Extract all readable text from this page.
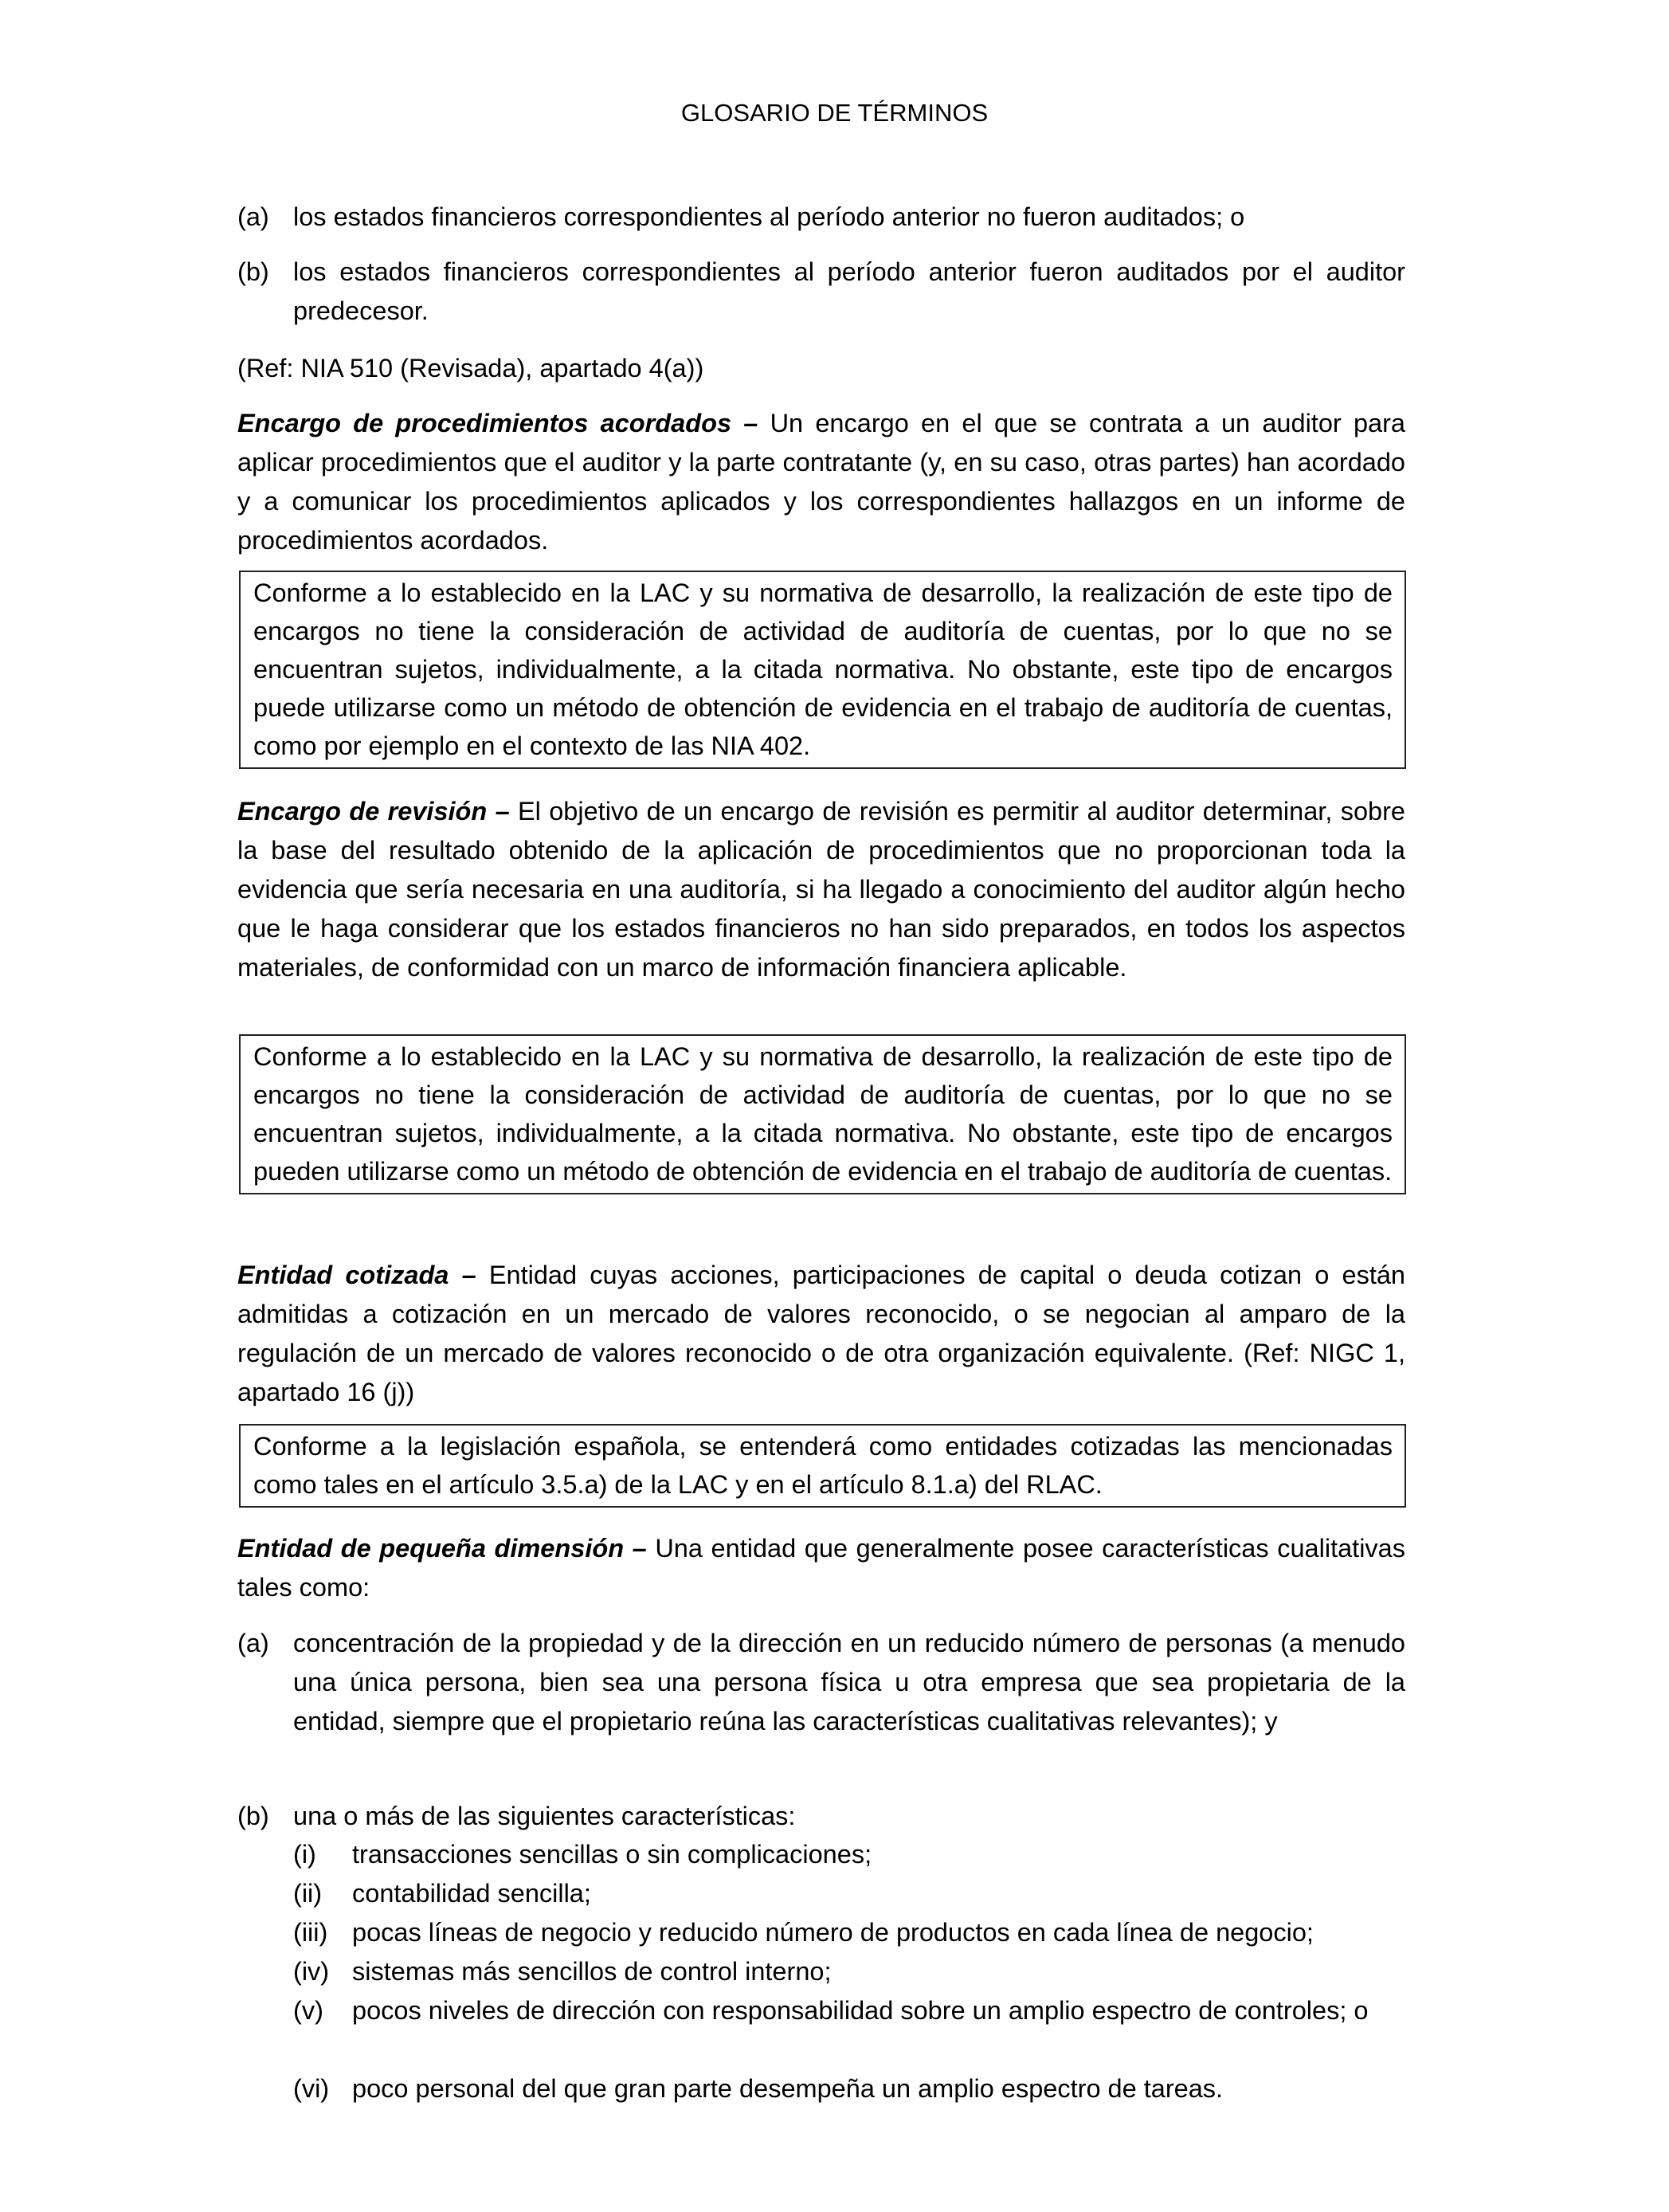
GLOSARIO DE TÉRMINOS
(a) los estados financieros correspondientes al período anterior no fueron auditados; o
(b) los estados financieros correspondientes al período anterior fueron auditados por el auditor predecesor.
(Ref: NIA 510 (Revisada), apartado 4(a))
Encargo de procedimientos acordados – Un encargo en el que se contrata a un auditor para aplicar procedimientos que el auditor y la parte contratante (y, en su caso, otras partes) han acordado y a comunicar los procedimientos aplicados y los correspondientes hallazgos en un informe de procedimientos acordados.
Conforme a lo establecido en la LAC y su normativa de desarrollo, la realización de este tipo de encargos no tiene la consideración de actividad de auditoría de cuentas, por lo que no se encuentran sujetos, individualmente, a la citada normativa. No obstante, este tipo de encargos puede utilizarse como un método de obtención de evidencia en el trabajo de auditoría de cuentas, como por ejemplo en el contexto de las NIA 402.
Encargo de revisión – El objetivo de un encargo de revisión es permitir al auditor determinar, sobre la base del resultado obtenido de la aplicación de procedimientos que no proporcionan toda la evidencia que sería necesaria en una auditoría, si ha llegado a conocimiento del auditor algún hecho que le haga considerar que los estados financieros no han sido preparados, en todos los aspectos materiales, de conformidad con un marco de información financiera aplicable.
Conforme a lo establecido en la LAC y su normativa de desarrollo, la realización de este tipo de encargos no tiene la consideración de actividad de auditoría de cuentas, por lo que no se encuentran sujetos, individualmente, a la citada normativa. No obstante, este tipo de encargos pueden utilizarse como un método de obtención de evidencia en el trabajo de auditoría de cuentas.
Entidad cotizada – Entidad cuyas acciones, participaciones de capital o deuda cotizan o están admitidas a cotización en un mercado de valores reconocido, o se negocian al amparo de la regulación de un mercado de valores reconocido o de otra organización equivalente. (Ref: NIGC 1, apartado 16 (j))
Conforme a la legislación española, se entenderá como entidades cotizadas las mencionadas como tales en el artículo 3.5.a) de la LAC y en el artículo 8.1.a) del RLAC.
Entidad de pequeña dimensión – Una entidad que generalmente posee características cualitativas tales como:
(a) concentración de la propiedad y de la dirección en un reducido número de personas (a menudo una única persona, bien sea una persona física u otra empresa que sea propietaria de la entidad, siempre que el propietario reúna las características cualitativas relevantes); y
(b) una o más de las siguientes características:
(i) transacciones sencillas o sin complicaciones;
(ii) contabilidad sencilla;
(iii) pocas líneas de negocio y reducido número de productos en cada línea de negocio;
(iv) sistemas más sencillos de control interno;
(v) pocos niveles de dirección con responsabilidad sobre un amplio espectro de controles; o
(vi) poco personal del que gran parte desempeña un amplio espectro de tareas.
